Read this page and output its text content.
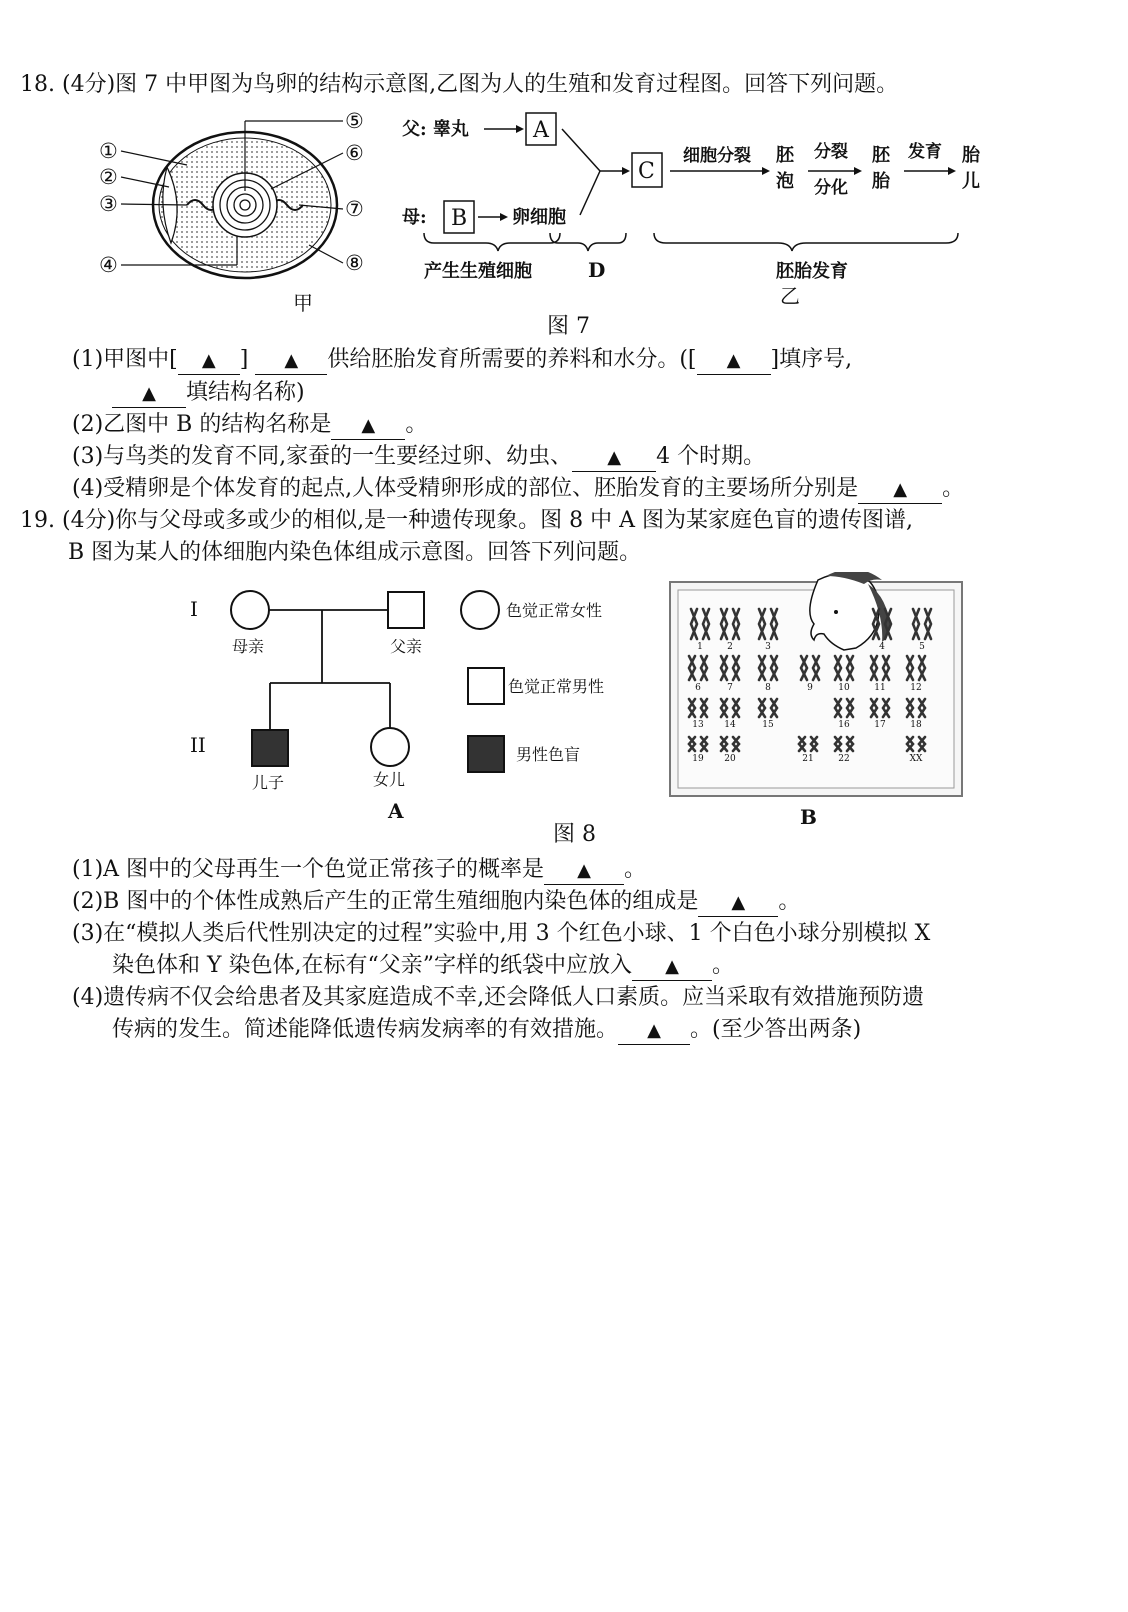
18. (4分)图 7 中甲图为鸟卵的结构示意图,乙图为人的生殖和发育过程图。回答下列问题。
①
②
③
④
⑤
⑥
⑦
⑧
甲
父: 睾丸	A
母: B 卵细胞
C
细胞分裂 胚
泡
分裂
分化
胚
胎
发育 胎
儿
产生生殖细胞	D	胚胎发育
乙
图 7
(1)甲图中[ ▲ ] ▲ 供给胚胎发育所需要的养料和水分。([ ▲ ]填序号,
▲ 填结构名称)
(2)乙图中 B 的结构名称是 ▲ 。
(3)与鸟类的发育不同,家蚕的一生要经过卵、幼虫、 ▲ 4 个时期。
(4)受精卵是个体发育的起点,人体受精卵形成的部位、胚胎发育的主要场所分别是 ▲ 。
19. (4分)你与父母或多或少的相似,是一种遗传现象。图 8 中 A 图为某家庭色盲的遗传图谱,
B 图为某人的体细胞内染色体组成示意图。回答下列问题。
I
II
母亲	父亲
儿子	女儿
A
色觉正常女性
色觉正常男性
男性色盲
1	2	3	4	5
6	7	8	9	10	11	12
13 14	15	16	17	18
19 20	21	22	XX
B
图 8
(1)A 图中的父母再生一个色觉正常孩子的概率是 ▲ 。
(2)B 图中的个体性成熟后产生的正常生殖细胞内染色体的组成是 ▲ 。
(3)在“模拟人类后代性别决定的过程”实验中,用 3 个红色小球、1 个白色小球分别模拟 X
染色体和 Y 染色体,在标有“父亲”字样的纸袋中应放入 ▲ 。
(4)遗传病不仅会给患者及其家庭造成不幸,还会降低人口素质。应当采取有效措施预防遗
传病的发生。简述能降低遗传病发病率的有效措施。 ▲ 。(至少答出两条)
